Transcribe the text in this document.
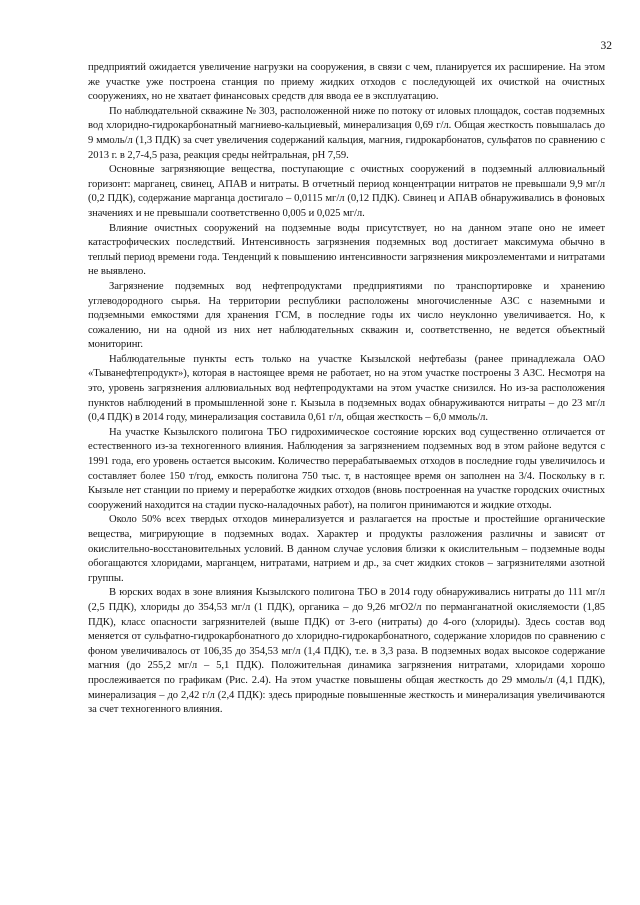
32

предприятий ожидается увеличение нагрузки на сооружения, в связи с чем, планируется их расширение. На этом же участке уже построена станция по приему жидких отходов с последующей их очисткой на очистных сооружениях, но не хватает финансовых средств для ввода ее в эксплуатацию.

По наблюдательной скважине № 303, расположенной ниже по потоку от иловых площадок, состав подземных вод хлоридно-гидрокарбонатный магниево-кальциевый, минерализация 0,69 г/л. Общая жесткость повышалась до 9 ммоль/л (1,3 ПДК) за счет увеличения содержаний кальция, магния, гидрокарбонатов, сульфатов по сравнению с 2013 г. в 2,7-4,5 раза, реакция среды нейтральная, pH 7,59.

Основные загрязняющие вещества, поступающие с очистных сооружений в подземный аллювиальный горизонт: марганец, свинец, АПАВ и нитраты. В отчетный период концентрации нитратов не превышали 9,9 мг/л (0,2 ПДК), содержание марганца достигало – 0,0115 мг/л (0,12 ПДК). Свинец и АПАВ обнаруживались в фоновых значениях и не превышали соответственно 0,005 и 0,025 мг/л.

Влияние очистных сооружений на подземные воды присутствует, но на данном этапе оно не имеет катастрофических последствий. Интенсивность загрязнения подземных вод достигает максимума обычно в теплый период времени года. Тенденций к повышению интенсивности загрязнения микроэлементами и нитратами не выявлено.

Загрязнение подземных вод нефтепродуктами предприятиями по транспортировке и хранению углеводородного сырья. На территории республики расположены многочисленные АЗС с наземными и подземными емкостями для хранения ГСМ, в последние годы их число неуклонно увеличивается. Но, к сожалению, ни на одной из них нет наблюдательных скважин и, соответственно, не ведется объектный мониторинг.

Наблюдательные пункты есть только на участке Кызылской нефтебазы (ранее принадлежала ОАО «Тыванефтепродукт»), которая в настоящее время не работает, но на этом участке построены 3 АЗС. Несмотря на это, уровень загрязнения аллювиальных вод нефтепродуктами на этом участке снизился. Но из-за расположения пунктов наблюдений в промышленной зоне г. Кызыла в подземных водах обнаруживаются нитраты – до 23 мг/л (0,4 ПДК) в 2014 году, минерализация составила 0,61 г/л, общая жесткость – 6,0 ммоль/л.

На участке Кызылского полигона ТБО гидрохимическое состояние юрских вод существенно отличается от естественного из-за техногенного влияния. Наблюдения за загрязнением подземных вод в этом районе ведутся с 1991 года, его уровень остается высоким. Количество перерабатываемых отходов в последние годы увеличилось и составляет более 150 т/год, емкость полигона 750 тыс. т, в настоящее время он заполнен на 3/4. Поскольку в г. Кызыле нет станции по приему и переработке жидких отходов (вновь построенная на участке городских очистных сооружений находится на стадии пуско-наладочных работ), на полигон принимаются и жидкие отходы.

Около 50% всех твердых отходов минерализуется и разлагается на простые и простейшие органические вещества, мигрирующие в подземных водах. Характер и продукты разложения различны и зависят от окислительно-восстановительных условий. В данном случае условия близки к окислительным – подземные воды обогащаются хлоридами, марганцем, нитратами, натрием и др., за счет жидких стоков – загрязнителями азотной группы.

В юрских водах в зоне влияния Кызылского полигона ТБО в 2014 году обнаруживались нитраты до 111 мг/л (2,5 ПДК), хлориды до 354,53 мг/л (1 ПДК), органика – до 9,26 мгО2/л по перманганатной окисляемости (1,85 ПДК), класс опасности загрязнителей (выше ПДК) от 3-его (нитраты) до 4-ого (хлориды). Здесь состав вод меняется от сульфатно-гидрокарбонатного до хлоридно-гидрокарбонатного, содержание хлоридов по сравнению с фоном увеличивалось от 106,35 до 354,53 мг/л (1,4 ПДК), т.е. в 3,3 раза. В подземных водах высокое содержание магния (до 255,2 мг/л – 5,1 ПДК). Положительная динамика загрязнения нитратами, хлоридами хорошо прослеживается по графикам (Рис. 2.4). На этом участке повышены общая жесткость до 29 ммоль/л (4,1 ПДК), минерализация – до 2,42 г/л (2,4 ПДК): здесь природные повышенные жесткость и минерализация увеличиваются за счет техногенного влияния.
